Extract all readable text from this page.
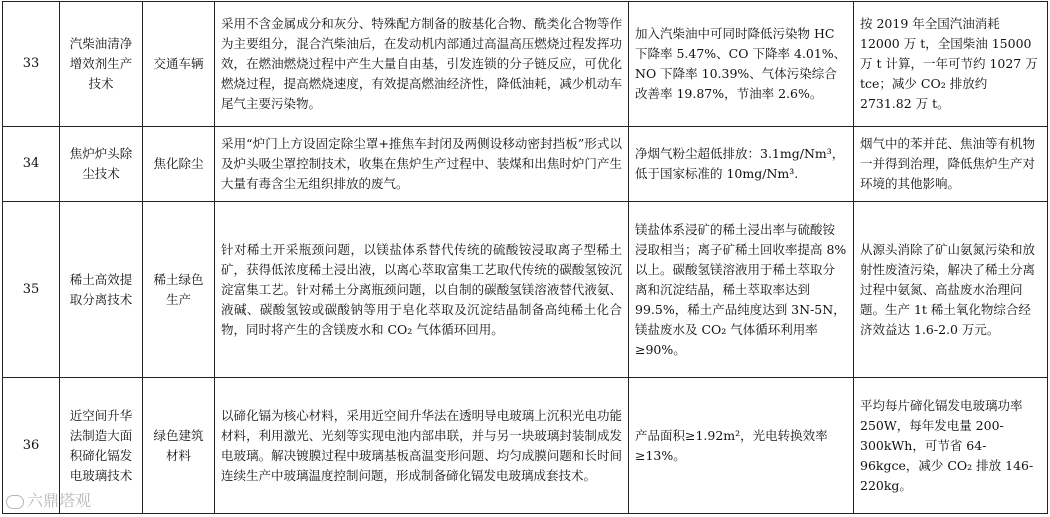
33	汽柴油清净增效剂生产技术	交通车辆	采用不含金属成分和灰分、特殊配方制备的胺基化合物、酰类化合物等作为主要组分，混合汽柴油后，在发动机内部通过高温高压燃烧过程发挥功效，在燃油燃烧过程中产生大量自由基，引发连锁的分子链反应，可优化燃烧过程，提高燃烧速度，有效提高燃油经济性，降低油耗，减少机动车尾气主要污染物。	加入汽柴油中可同时降低污染物 HC 下降率 5.47%、CO 下降率 4.01%、NO 下降率 10.39%、气体污染综合改善率 19.87%，节油率 2.6%。	按 2019 年全国汽油消耗 12000 万 t，全国柴油 15000 万 t 计算，一年可节约 1027 万 tce；减少 CO₂ 排放约 2731.82 万 t。
34	焦炉炉头除尘技术	焦化除尘	采用“炉门上方设固定除尘罩+推焦车封闭及两侧设移动密封挡板”形式以及炉头吸尘罩控制技术，收集在焦炉生产过程中、装煤和出焦时炉门产生大量有毒含尘无组织排放的废气。	净烟气粉尘超低排放：3.1mg/Nm³，低于国家标准的 10mg/Nm³.	烟气中的苯并芘、焦油等有机物一并得到治理，降低焦炉生产对环境的其他影响。
35	稀土高效提取分离技术	稀土绿色生产	针对稀土开采瓶颈问题，以镁盐体系替代传统的硫酸铵浸取离子型稀土矿，获得低浓度稀土浸出液，以离心萃取富集工艺取代传统的碳酸氢铵沉淀富集工艺。针对稀土分离瓶颈问题，以自制的碳酸氢镁溶液替代液氨、液碱、碳酸氢铵或碳酸钠等用于皂化萃取及沉淀结晶制备高纯稀土化合物，同时将产生的含镁废水和 CO₂ 气体循环回用。	镁盐体系浸矿的稀土浸出率与硫酸铵浸取相当；离子矿稀土回收率提高 8%以上。碳酸氢镁溶液用于稀土萃取分离和沉淀结晶，稀土萃取率达到 99.5%，稀土产品纯度达到 3N-5N，镁盐废水及 CO₂ 气体循环利用率≥90%。	从源头消除了矿山氨氮污染和放射性废渣污染，解决了稀土分离过程中氨氮、高盐废水治理问题。生产 1t 稀土氧化物综合经济效益达 1.6-2.0 万元。
36	近空间升华法制造大面积碲化镉发电玻璃技术	绿色建筑材料	以碲化镉为核心材料，采用近空间升华法在透明导电玻璃上沉积光电功能材料，利用激光、光刻等实现电池内部串联，并与另一块玻璃封装制成发电玻璃。解决镀膜过程中玻璃基板高温变形问题、均匀成膜问题和长时间连续生产中玻璃温度控制问题，形成制备碲化镉发电玻璃成套技术。	产品面积≥1.92m²，光电转换效率≥13%。	平均每片碲化镉发电玻璃功率 250W，每年发电量 200-300kWh，可节省 64-96kgce，减少 CO₂ 排放 146-220kg。
六鼎塔观
